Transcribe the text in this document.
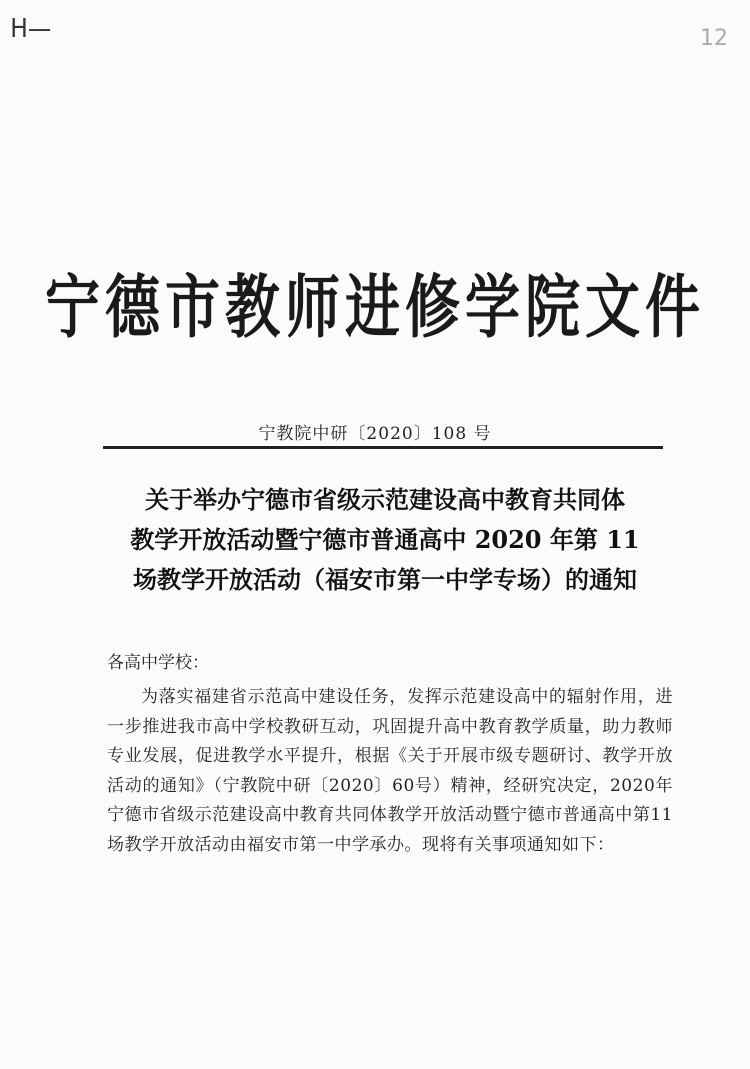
H—	12
宁德市教师进修学院文件
宁教院中研〔2020〕108 号
关于举办宁德市省级示范建设高中教育共同体
教学开放活动暨宁德市普通高中 2020 年第 11
场教学开放活动（福安市第一中学专场）的通知
各高中学校：
为落实福建省示范高中建设任务，发挥示范建设高中的辐射作用，进一步推进我市高中学校教研互动，巩固提升高中教育教学质量，助力教师专业发展，促进教学水平提升，根据《关于开展市级专题研讨、教学开放活动的通知》（宁教院中研〔2020〕60号）精神，经研究决定，2020年宁德市省级示范建设高中教育共同体教学开放活动暨宁德市普通高中第11场教学开放活动由福安市第一中学承办。现将有关事项通知如下：
